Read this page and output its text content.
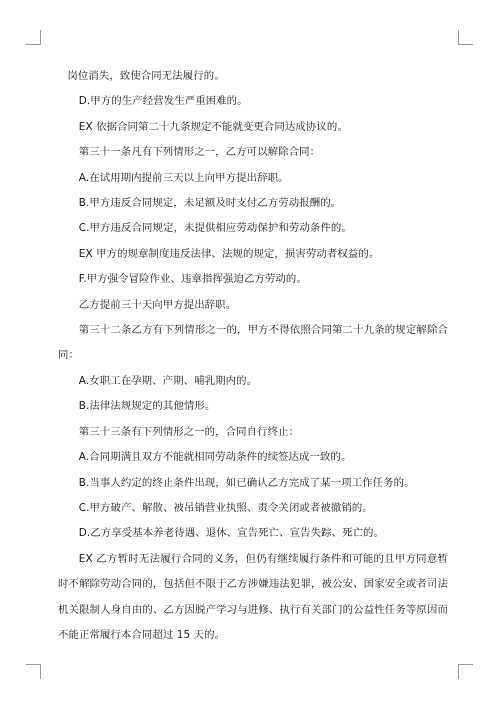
岗位消失，致使合同无法履行的。

D.甲方的生产经营发生严重困难的。

EX 依据合同第二十九条规定不能就变更合同达成协议的。

第三十一条凡有下列情形之一，乙方可以解除合同：

A.在试用期内提前三天以上向甲方提出辞职。

B.甲方违反合同规定，未足额及时支付乙方劳动报酬的。

C.甲方违反合同规定，未提供相应劳动保护和劳动条件的。

EX 甲方的规章制度违反法律、法规的规定，损害劳动者权益的。

F.甲方强令冒险作业、违章指挥强迫乙方劳动的。

乙方提前三十天向甲方提出辞职。

第三十二条乙方有下列情形之一的，甲方不得依照合同第二十九条的规定解除合同：

A.女职工在孕期、产期、哺乳期内的。

B.法律法规规定的其他情形。

第三十三条有下列情形之一的，合同自行终止：

A.合同期满且双方不能就相同劳动条件的续签达成一致的。

B.当事人约定的终止条件出现，如已确认乙方完成了某一项工作任务的。

C.甲方破产、解散、被吊销营业执照、责令关闭或者被撤销的。

D.乙方享受基本养老待遇、退休、宣告死亡、宣告失踪、死亡的。

EX 乙方暂时无法履行合同的义务，但仍有继续履行条件和可能的且甲方同意暂时不解除劳动合同的，包括但不限于乙方涉嫌违法犯罪，被公安、国家安全或者司法机关限制人身自由的、乙方因脱产学习与进修、执行有关部门的公益性任务等原因而不能正常履行本合同超过 15 天的。
